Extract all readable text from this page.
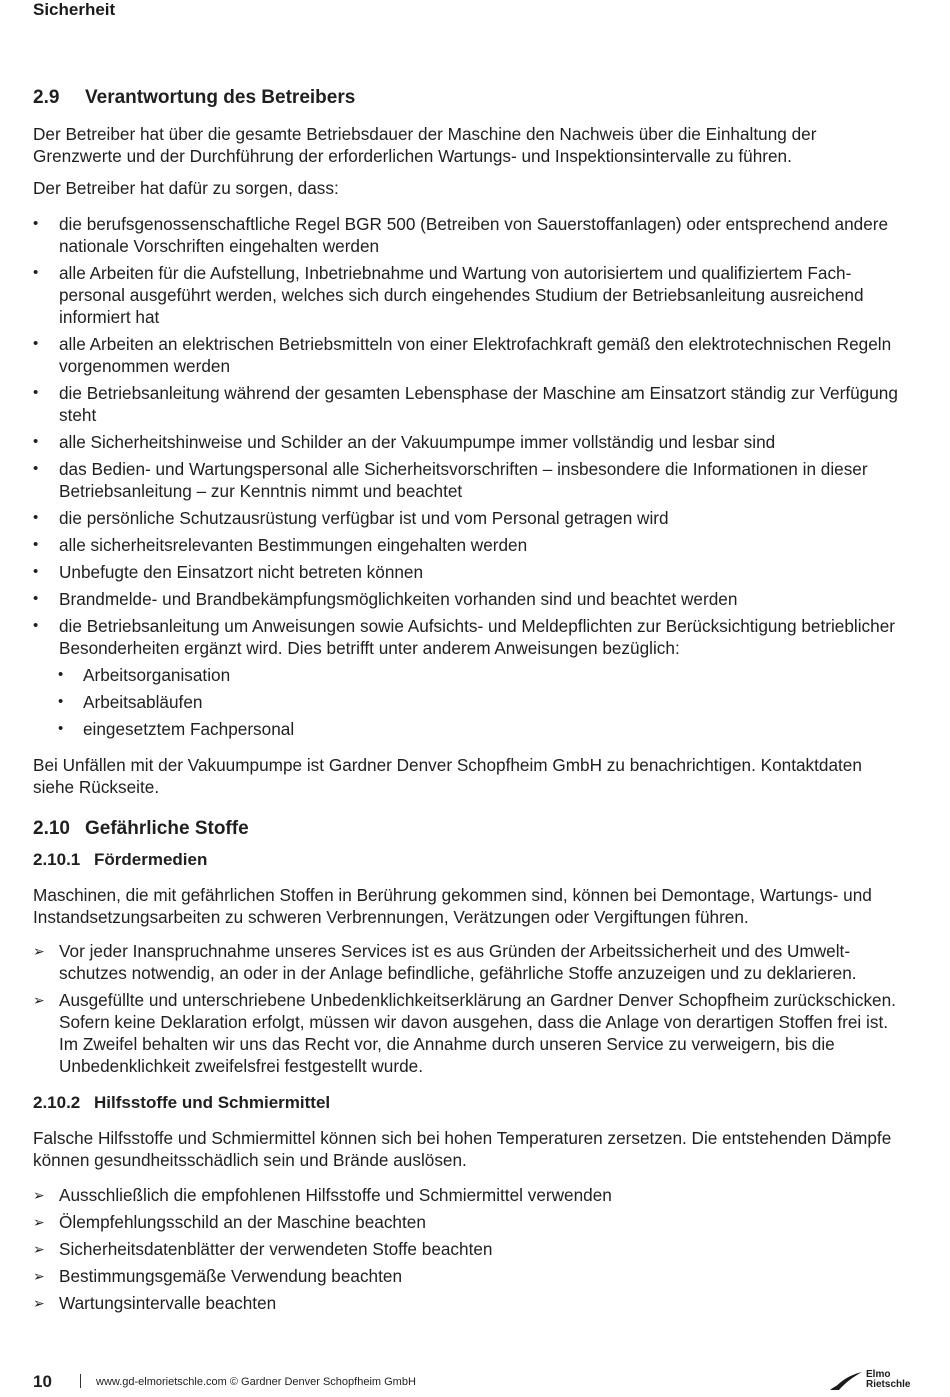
Sicherheit
2.9 Verantwortung des Betreibers

Der Betreiber hat über die gesamte Betriebsdauer der Maschine den Nachweis über die Einhaltung der Grenzwerte und der Durchführung der erforderlichen Wartungs- und Inspektionsintervalle zu führen.

Der Betreiber hat dafür zu sorgen, dass:

•	die berufsgenossenschaftliche Regel BGR 500 (Betreiben von Sauerstoffanlagen) oder entsprechend andere nationale Vorschriften eingehalten werden
•	alle Arbeiten für die Aufstellung, Inbetriebnahme und Wartung von autorisiertem und qualifiziertem Fachpersonal ausgeführt werden, welches sich durch eingehendes Studium der Betriebsanleitung ausreichend informiert hat
•	alle Arbeiten an elektrischen Betriebsmitteln von einer Elektrofachkraft gemäß den elektrotechnischen Regeln vorgenommen werden
•	die Betriebsanleitung während der gesamten Lebensphase der Maschine am Einsatzort ständig zur Verfügung steht
•	alle Sicherheitshinweise und Schilder an der Vakuumpumpe immer vollständig und lesbar sind
•	das Bedien- und Wartungspersonal alle Sicherheitsvorschriften – insbesondere die Informationen in dieser Betriebsanleitung – zur Kenntnis nimmt und beachtet
•	die persönliche Schutzausrüstung verfügbar ist und vom Personal getragen wird
•	alle sicherheitsrelevanten Bestimmungen eingehalten werden
•	Unbefugte den Einsatzort nicht betreten können
•	Brandmelde- und Brandbekämpfungsmöglichkeiten vorhanden sind und beachtet werden
•	die Betriebsanleitung um Anweisungen sowie Aufsichts- und Meldepflichten zur Berücksichtigung betrieblicher Besonderheiten ergänzt wird. Dies betrifft unter anderem Anweisungen bezüglich:
•	Arbeitsorganisation
•	Arbeitsabläufen
•	eingesetztem Fachpersonal

Bei Unfällen mit der Vakuumpumpe ist Gardner Denver Schopfheim GmbH zu benachrichtigen. Kontaktdaten siehe Rückseite.

2.10 Gefährliche Stoffe
2.10.1 Fördermedien

Maschinen, die mit gefährlichen Stoffen in Berührung gekommen sind, können bei Demontage, Wartungs- und Instandsetzungsarbeiten zu schweren Verbrennungen, Verätzungen oder Vergiftungen führen.

➢ Vor jeder Inanspruchnahme unseres Services ist es aus Gründen der Arbeitssicherheit und des Umweltschutzes notwendig, an oder in der Anlage befindliche, gefährliche Stoffe anzuzeigen und zu deklarieren.
➢ Ausgefüllte und unterschriebene Unbedenklichkeitserklärung an Gardner Denver Schopfheim zurückschicken. Sofern keine Deklaration erfolgt, müssen wir davon ausgehen, dass die Anlage von derartigen Stoffen frei ist. Im Zweifel behalten wir uns das Recht vor, die Annahme durch unseren Service zu verweigern, bis die Unbedenklichkeit zweifelsfrei festgestellt wurde.
2.10.2 Hilfsstoffe und Schmiermittel

Falsche Hilfsstoffe und Schmiermittel können sich bei hohen Temperaturen zersetzen. Die entstehenden Dämpfe können gesundheitsschädlich sein und Brände auslösen.

➢ Ausschließlich die empfohlenen Hilfsstoffe und Schmiermittel verwenden
➢ Ölempfehlungsschild an der Maschine beachten
➢ Sicherheitsdatenblätter der verwendeten Stoffe beachten
➢ Bestimmungsgemäße Verwendung beachten
➢ Wartungsintervalle beachten
10	www.gd-elmorietschle.com © Gardner Denver Schopfheim GmbH
Elmo
Rietschle
